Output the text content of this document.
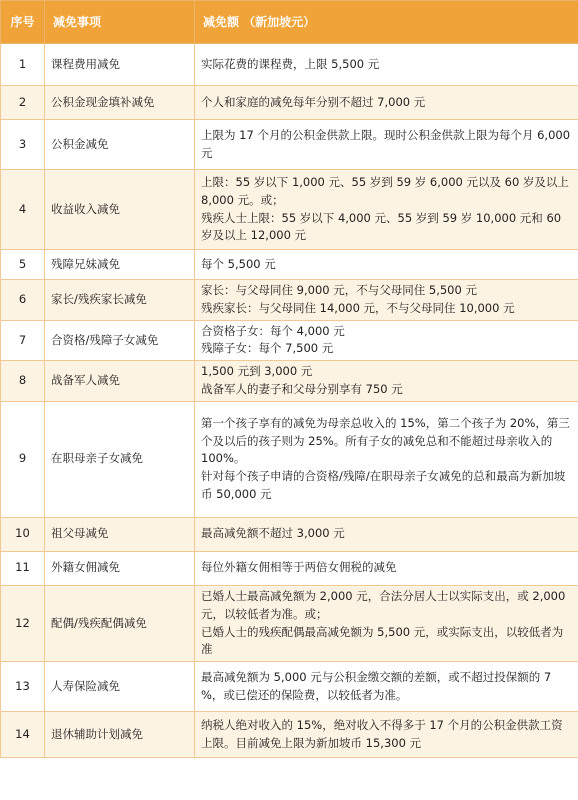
序号	减免事项	减免额 （新加坡元）
1	课程费用减免	实际花费的课程费，上限 5,500 元

2	公积金现金填补减免	个人和家庭的减免每年分别不超过 7,000 元

3	公积金减免	上限为 17 个月的公积金供款上限。现时公积金供款上限为每个月 6,000 元

4	收益收入减免	上限：55 岁以下 1,000 元、55 岁到 59 岁 6,000 元以及 60 岁及以上 8,000 元。或；
残疾人士上限：55 岁以下 4,000 元、55 岁到 59 岁 10,000 元和 60 岁及以上 12,000 元

5	残障兄妹减免	每个 5,500 元

6	家长/残疾家长减免	家长：与父母同住 9,000 元，不与父母同住 5,500 元
残疾家长：与父母同住 14,000 元，不与父母同住 10,000 元

7	合资格/残障子女减免	合资格子女：每个 4,000 元
残障子女：每个 7,500 元

8	战备军人减免	1,500 元到 3,000 元
战备军人的妻子和父母分别享有 750 元

9	在职母亲子女减免	第一个孩子享有的减免为母亲总收入的 15%，第二个孩子为 20%，第三个及以后的孩子则为 25%。所有子女的减免总和不能超过母亲收入的 100%。
针对每个孩子申请的合资格/残障/在职母亲子女减免的总和最高为新加坡币 50,000 元

10	祖父母减免	最高减免额不超过 3,000 元

11	外籍女佣减免	每位外籍女佣相等于两倍女佣税的减免

12	配偶/残疾配偶减免	已婚人士最高减免额为 2,000 元，合法分居人士以实际支出，或 2,000 元，以较低者为准。或；
已婚人士的残疾配偶最高减免额为 5,500 元，或实际支出，以较低者为准

13	人寿保险减免	最高减免额为 5,000 元与公积金缴交额的差额，或不超过投保额的 7 %，或已偿还的保险费，以较低者为准。

14	退休辅助计划减免	纳税人绝对收入的 15%，绝对收入不得多于 17 个月的公积金供款工资上限。目前减免上限为新加坡币 15,300 元
